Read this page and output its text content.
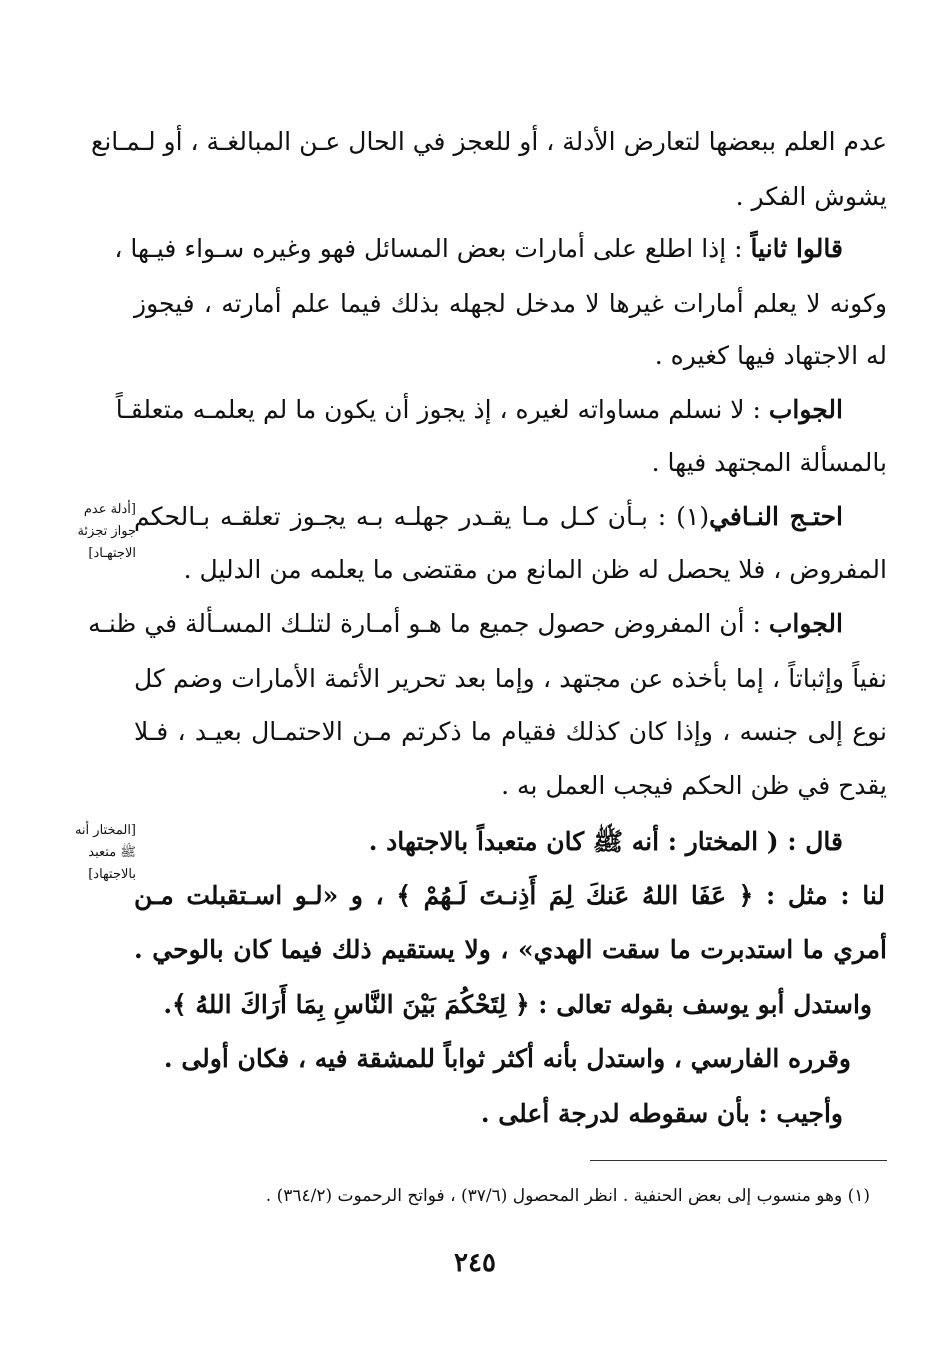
عدم العلم ببعضها لتعارض الأدلة ، أو للعجز في الحال عـن المبالغـة ، أو لـمـانع
يشوش الفكر .
قالوا ثانياً : إذا اطلع على أمارات بعض المسائل فهو وغيره سـواء فيـها ،
وكونه لا يعلم أمارات غيرها لا مدخل لجهله بذلك فيما علم أمارته ، فيجوز
له الاجتهاد فيها كغيره .
الجواب : لا نسلم مساواته لغيره ، إذ يجوز أن يكون ما لم يعلمـه متعلقـاً
بالمسألة المجتهد فيها .
احتـج النـافي(١) : بـأن كـل مـا يقـدر جهلـه بـه يجـوز تعلقـه بـالحكم
المفروض ، فلا يحصل له ظن المانع من مقتضى ما يعلمه من الدليل .
الجواب : أن المفروض حصول جميع ما هـو أمـارة لتلـك المسـألة في ظنـه
نفياً وإثباتاً ، إما بأخذه عن مجتهد ، وإما بعد تحرير الأئمة الأمارات وضم كل
نوع إلى جنسه ، وإذا كان كذلك فقيام ما ذكرتم مـن الاحتمـال بعيـد ، فـلا
يقدح في ظن الحكم فيجب العمل به .
قال : ( المختار : أنه ﷺ كان متعبداً بالاجتهاد .
لنا : مثل : ﴿ عَفَا اللهُ عَنكَ لِمَ أَذِنـتَ لَـهُمْ ﴾ ، و «لـو اسـتقبلت مـن
أمري ما استدبرت ما سقت الهدي» ، ولا يستقيم ذلك فيما كان بالوحي .
واستدل أبو يوسف بقوله تعالى : ﴿ لِتَحْكُمَ بَيْنَ النَّاسِ بِمَا أَرَاكَ اللهُ ﴾.
وقرره الفارسي ، واستدل بأنه أكثر ثواباً للمشقة فيه ، فكان أولى .
وأجيب : بأن سقوطه لدرجة أعلى .
[أدلة عدم
جواز تجزئة
الاجتهـاد]
[المختار أنه
ﷺ متعبد
بالاجتهاد]
(١) وهو منسوب إلى بعض الحنفية . انظر المحصول (٣٧/٦) ، فواتح الرحموت (٣٦٤/٢) .
٢٤٥
